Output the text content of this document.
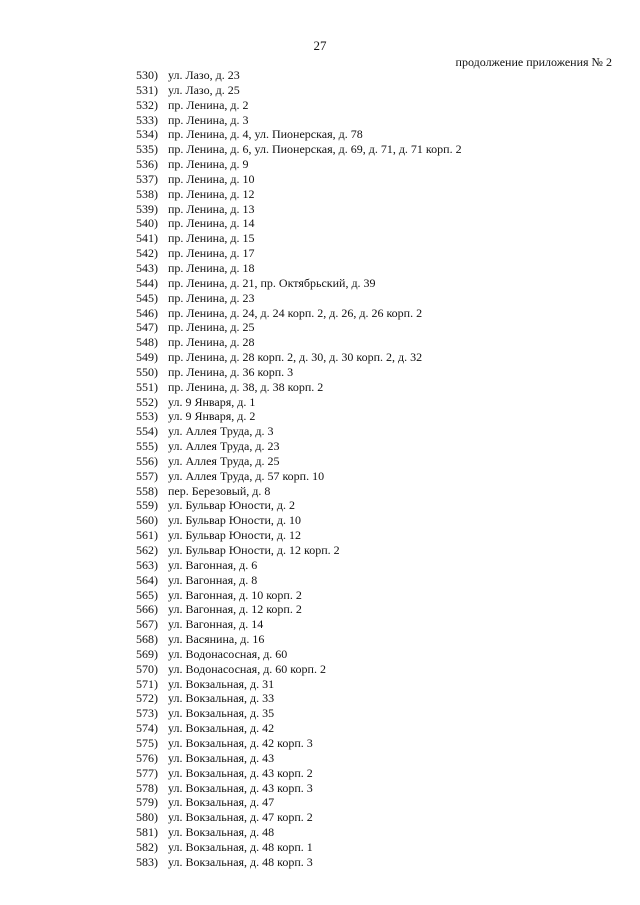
27
продолжение приложения № 2
530 ) ул. Лазо, д. 23
531 ) ул. Лазо, д. 25
532 ) пр. Ленина, д. 2
533 ) пр. Ленина, д. 3
534 ) пр. Ленина, д. 4, ул. Пионерская, д. 78
535 ) пр. Ленина, д. 6, ул. Пионерская, д. 69, д. 71, д. 71 корп. 2
536 ) пр. Ленина, д. 9
537 ) пр. Ленина, д. 10
538 ) пр. Ленина, д. 12
539 ) пр. Ленина, д. 13
540 ) пр. Ленина, д. 14
541 ) пр. Ленина, д. 15
542 ) пр. Ленина, д. 17
543 ) пр. Ленина, д. 18
544 ) пр. Ленина, д. 21, пр. Октябрьский, д. 39
545 ) пр. Ленина, д. 23
546 ) пр. Ленина, д. 24, д. 24 корп. 2, д. 26, д. 26 корп. 2
547 ) пр. Ленина, д. 25
548 ) пр. Ленина, д. 28
549 ) пр. Ленина, д. 28 корп. 2, д. 30, д. 30 корп. 2, д. 32
550 ) пр. Ленина, д. 36 корп. 3
551 ) пр. Ленина, д. 38, д. 38 корп. 2
552 ) ул. 9 Января, д. 1
553 ) ул. 9 Января, д. 2
554 ) ул. Аллея Труда, д. 3
555 ) ул. Аллея Труда, д. 23
556 ) ул. Аллея Труда, д. 25
557 ) ул. Аллея Труда, д. 57 корп. 10
558 ) пер. Березовый, д. 8
559 ) ул. Бульвар Юности, д. 2
560 ) ул. Бульвар Юности, д. 10
561 ) ул. Бульвар Юности, д. 12
562 ) ул. Бульвар Юности, д. 12 корп. 2
563 ) ул. Вагонная, д. 6
564 ) ул. Вагонная, д. 8
565 ) ул. Вагонная, д. 10 корп. 2
566 ) ул. Вагонная, д. 12 корп. 2
567 ) ул. Вагонная, д. 14
568 ) ул. Васянина, д. 16
569 ) ул. Водонасосная, д. 60
570 ) ул. Водонасосная, д. 60 корп. 2
571 ) ул. Вокзальная, д. 31
572 ) ул. Вокзальная, д. 33
573 ) ул. Вокзальная, д. 35
574 ) ул. Вокзальная, д. 42
575 ) ул. Вокзальная, д. 42 корп. 3
576 ) ул. Вокзальная, д. 43
577 ) ул. Вокзальная, д. 43 корп. 2
578 ) ул. Вокзальная, д. 43 корп. 3
579 ) ул. Вокзальная, д. 47
580 ) ул. Вокзальная, д. 47 корп. 2
581 ) ул. Вокзальная, д. 48
582 ) ул. Вокзальная, д. 48 корп. 1
583 ) ул. Вокзальная, д. 48 корп. 3
